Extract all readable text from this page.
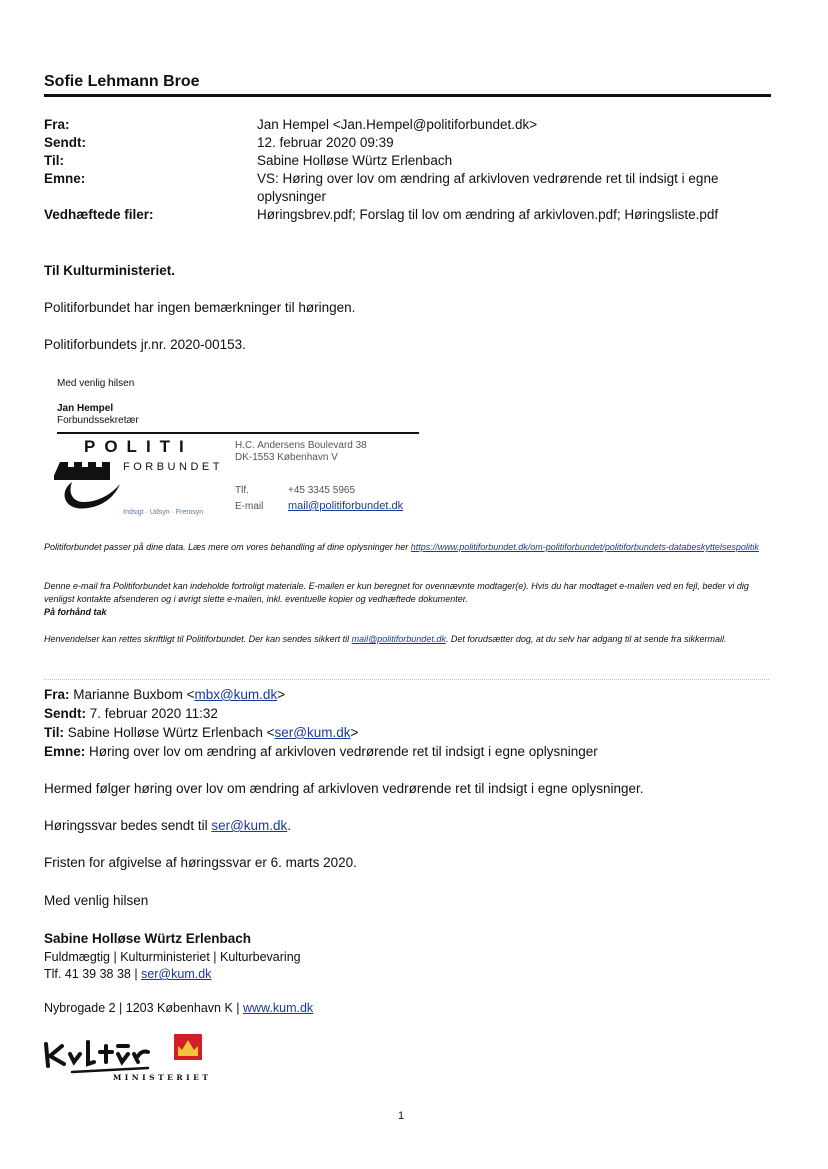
Sofie Lehmann Broe
Fra:	Jan Hempel <Jan.Hempel@politiforbundet.dk>
Sendt:	12. februar 2020 09:39
Til:	Sabine Holløse Würtz Erlenbach
Emne:	VS: Høring over lov om ændring af arkivloven vedrørende ret til indsigt i egne oplysninger
Vedhæftede filer:	Høringsbrev.pdf; Forslag til lov om ændring af arkivloven.pdf; Høringsliste.pdf
Til Kulturministeriet.
Politiforbundet har ingen bemærkninger til høringen.
Politiforbundets jr.nr. 2020-00153.
Med venlig hilsen
Jan Hempel
Forbundssekretær
POLITI
FORBUNDET
Indsigt · Udsyn · Fremsyn
H.C. Andersens Boulevard 38
DK-1553 København V
Tlf.	+45 3345 5965
E-mail mail@politiforbundet.dk
Politiforbundet passer på dine data. Læs mere om vores behandling af dine oplysninger her https://www.politiforbundet.dk/om-politiforbundet/politiforbundets-databeskyttelsespolitik
Denne e-mail fra Politiforbundet kan indeholde fortroligt materiale. E-mailen er kun beregnet for ovennævnte modtager(e). Hvis du har modtaget e-mailen ved en fejl, beder vi dig venligst kontakte afsenderen og i øvrigt slette e-mailen, inkl. eventuelle kopier og vedhæftede dokumenter.
På forhånd tak
Henvendelser kan rettes skriftligt til Politiforbundet. Der kan sendes sikkert til mail@politiforbundet.dk. Det forudsætter dog, at du selv har adgang til at sende fra sikkermail.
Fra: Marianne Buxbom <mbx@kum.dk>
Sendt: 7. februar 2020 11:32
Til: Sabine Holløse Würtz Erlenbach <ser@kum.dk>
Emne: Høring over lov om ændring af arkivloven vedrørende ret til indsigt i egne oplysninger
Hermed følger høring over lov om ændring af arkivloven vedrørende ret til indsigt i egne oplysninger.
Høringssvar bedes sendt til ser@kum.dk.
Fristen for afgivelse af høringssvar er 6. marts 2020.
Med venlig hilsen
Sabine Holløse Würtz Erlenbach
Fuldmægtig | Kulturministeriet | Kulturbevaring
Tlf. 41 39 38 38 | ser@kum.dk
Nybrogade 2 | 1203 København K | www.kum.dk
MINISTERIET
1
